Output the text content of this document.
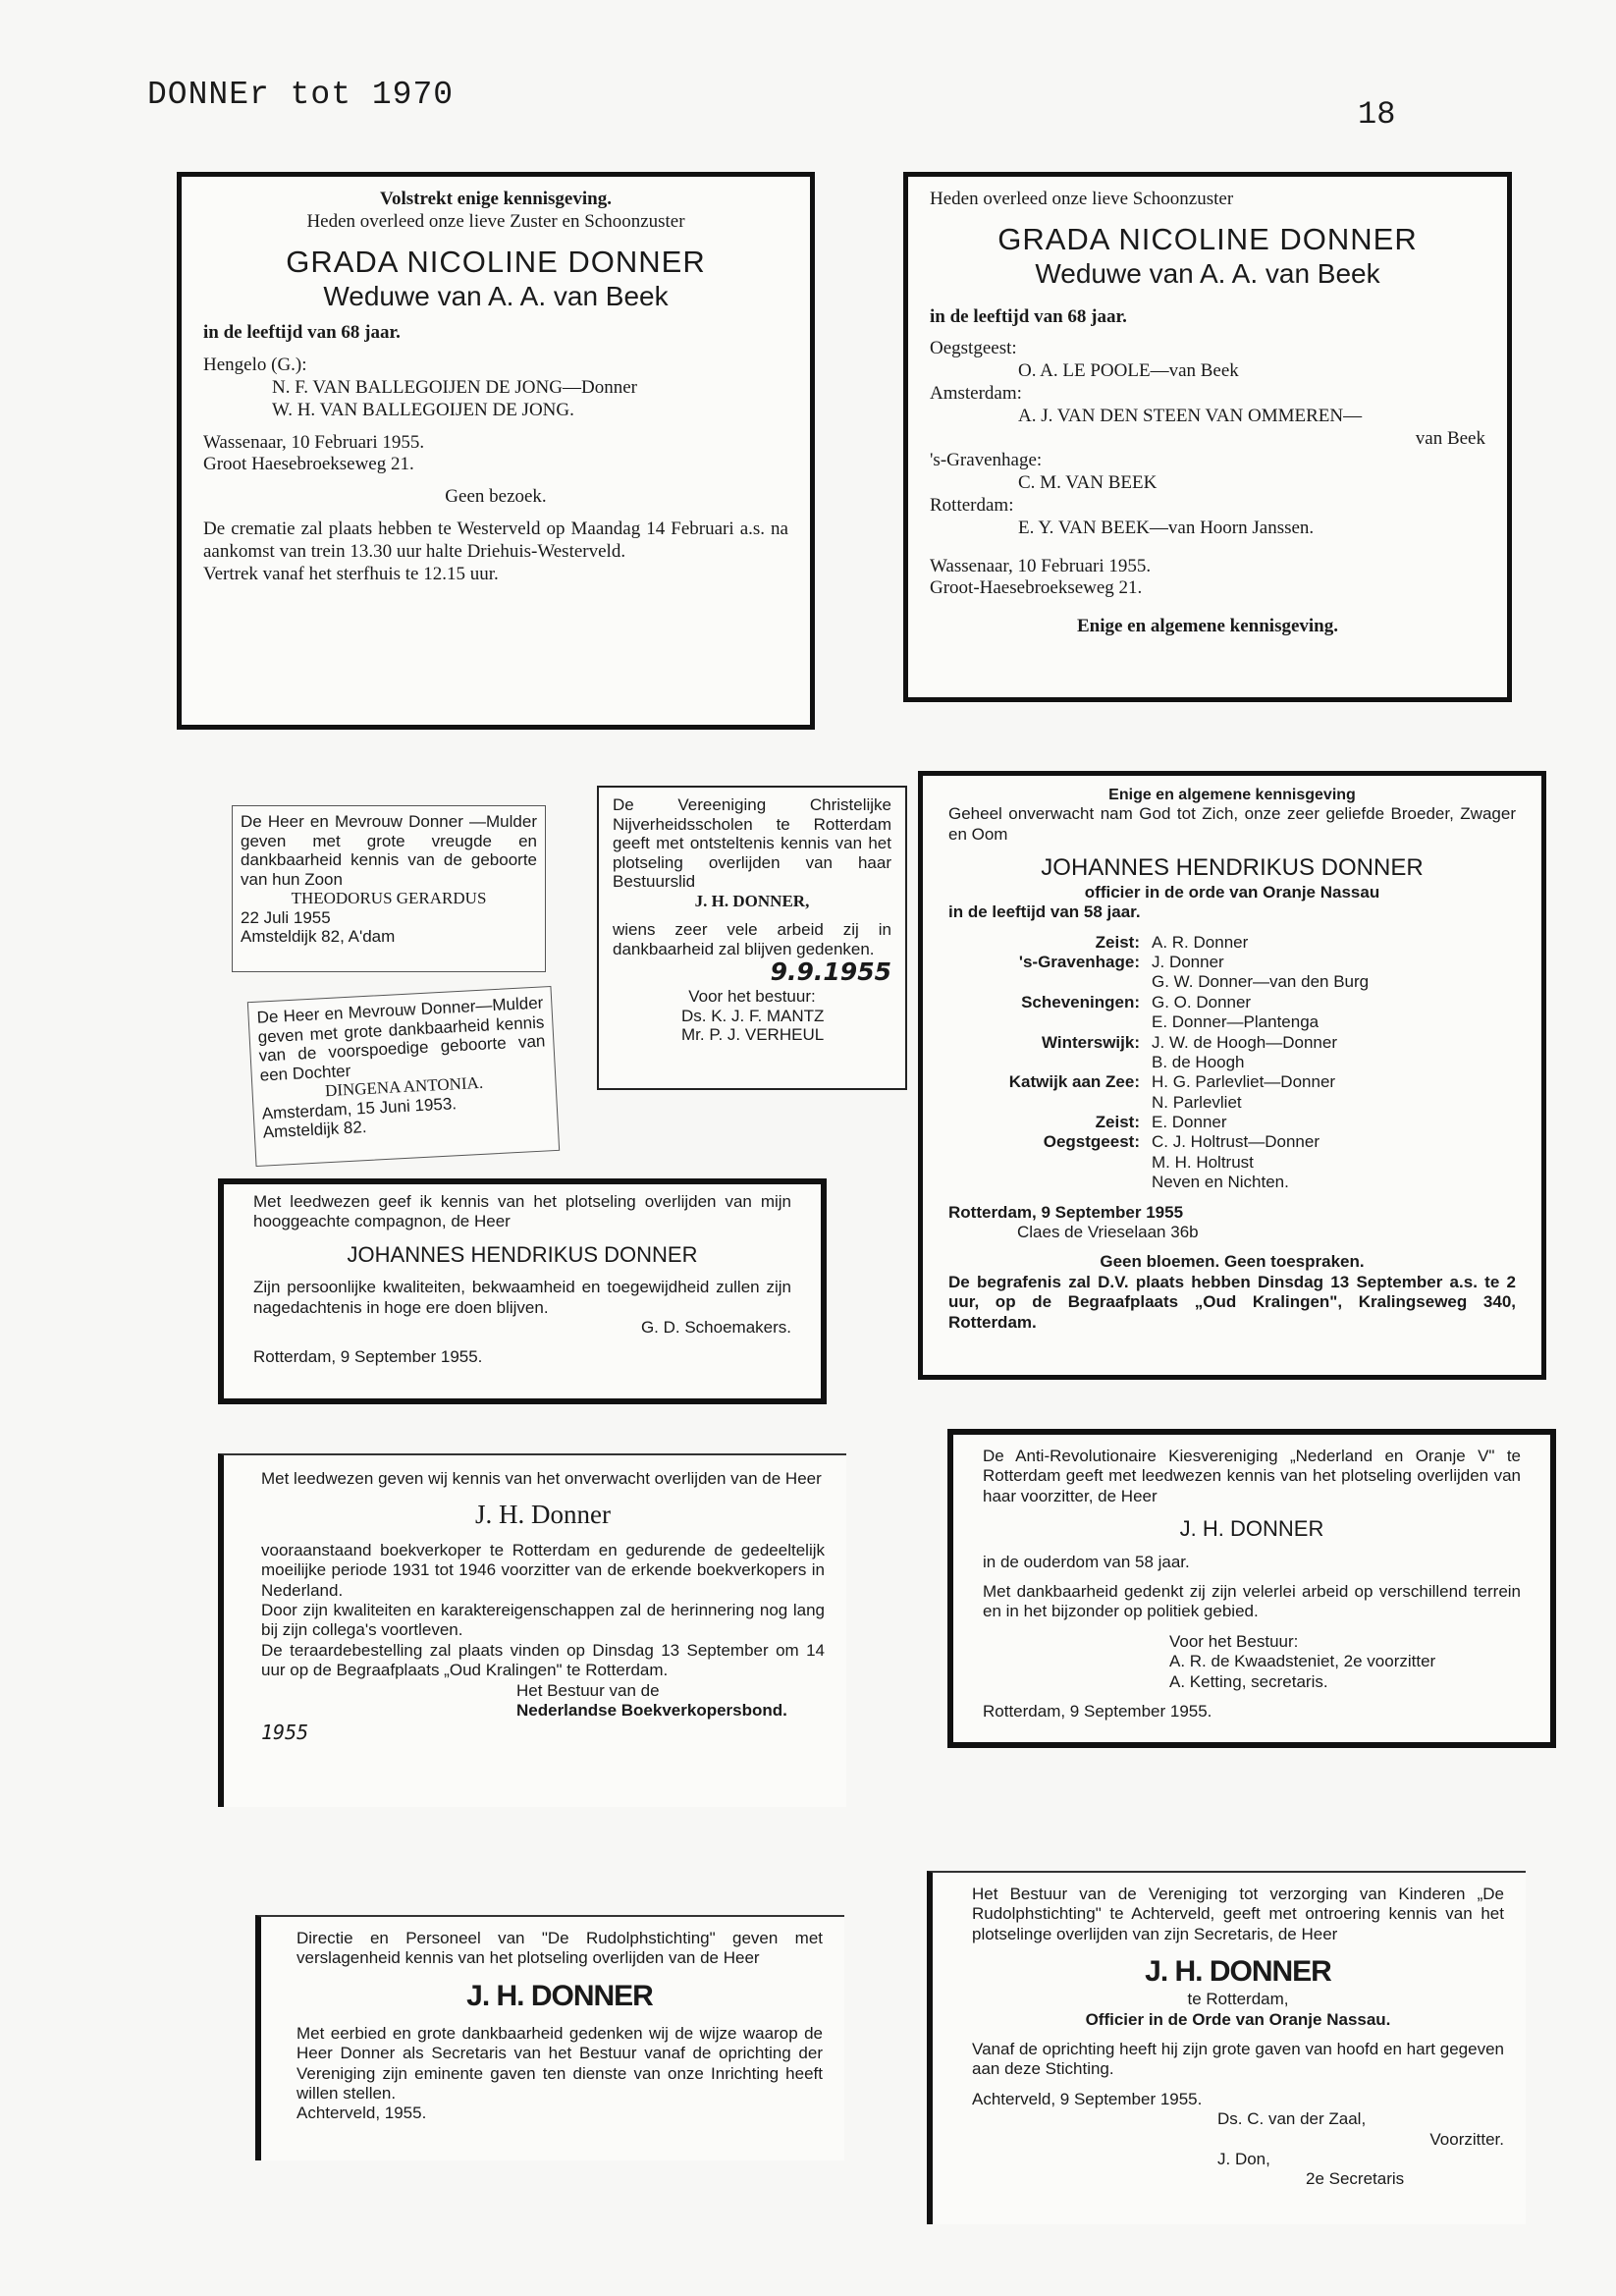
DONNEr tot 1970
18

Volstrekt enige kennisgeving.

Heden overleed onze lieve Zuster en Schoonzuster

GRADA NICOLINE DONNER

Weduwe van A. A. van Beek

in de leeftijd van 68 jaar.

Hengelo (G.):

N. F. VAN BALLEGOIJEN DE JONG—Donner

W. H. VAN BALLEGOIJEN DE JONG.

Wassenaar, 10 Februari 1955.

Groot Haesebroekseweg 21.

Geen bezoek.

De crematie zal plaats hebben te Westerveld op Maandag 14 Februari a.s. na aankomst van trein 13.30 uur halte Driehuis-Westerveld.

Vertrek vanaf het sterfhuis te 12.15 uur.

Heden overleed onze lieve Schoonzuster

GRADA NICOLINE DONNER

Weduwe van A. A. van Beek

in de leeftijd van 68 jaar.

Oegstgeest:

O. A. LE POOLE—van Beek

Amsterdam:

A. J. VAN DEN STEEN VAN OMMEREN—

van Beek

's-Gravenhage:

C. M. VAN BEEK

Rotterdam:

E. Y. VAN BEEK—van Hoorn Janssen.

Wassenaar, 10 Februari 1955.

Groot-Haesebroekseweg 21.

Enige en algemene kennisgeving.

De Heer en Mevrouw Donner —Mulder geven met grote vreugde en dankbaarheid kennis van de geboorte van hun Zoon

THEODORUS GERARDUS

22 Juli 1955

Amsteldijk 82, A'dam

De Heer en Mevrouw Donner—Mulder geven met grote dankbaarheid kennis van de voorspoedige geboorte van een Dochter

DINGENA ANTONIA.

Amsterdam, 15 Juni 1953.

Amsteldijk 82.

De Vereeniging Christelijke Nijverheidsscholen te Rotterdam geeft met ontsteltenis kennis van het plotseling overlijden van haar Bestuurslid

J. H. DONNER,

wiens zeer vele arbeid zij in dankbaarheid zal blijven gedenken.

9.9.1955

Voor het bestuur:

Ds. K. J. F. MANTZ

Mr. P. J. VERHEUL

Enige en algemene kennisgeving

Geheel onverwacht nam God tot Zich, onze zeer geliefde Broeder, Zwager en Oom

JOHANNES HENDRIKUS DONNER

officier in de orde van Oranje Nassau

in de leeftijd van 58 jaar.

Zeist: A. R. Donner
's-Gravenhage: J. Donner
G. W. Donner—van den Burg
Scheveningen: G. O. Donner
E. Donner—Plantenga
Winterswijk: J. W. de Hoogh—Donner
B. de Hoogh
Katwijk aan Zee: H. G. Parlevliet—Donner
N. Parlevliet
Zeist: E. Donner
Oegstgeest: C. J. Holtrust—Donner
M. H. Holtrust
Neven en Nichten.

Rotterdam, 9 September 1955

Claes de Vrieselaan 36b

Geen bloemen. Geen toespraken.

De begrafenis zal D.V. plaats hebben Dinsdag 13 September a.s. te 2 uur, op de Begraafplaats „Oud Kralingen", Kralingseweg 340, Rotterdam.

Met leedwezen geef ik kennis van het plotseling overlijden van mijn hooggeachte compagnon, de Heer

JOHANNES HENDRIKUS DONNER

Zijn persoonlijke kwaliteiten, bekwaamheid en toegewijdheid zullen zijn nagedachtenis in hoge ere doen blijven.

G. D. Schoemakers.

Rotterdam, 9 September 1955.

Met leedwezen geven wij kennis van het onverwacht overlijden van de Heer

J. H. Donner

vooraanstaand boekverkoper te Rotterdam en gedurende de gedeeltelijk moeilijke periode 1931 tot 1946 voorzitter van de erkende boekverkopers in Nederland.

Door zijn kwaliteiten en karaktereigenschappen zal de herinnering nog lang bij zijn collega's voortleven.

De teraardebestelling zal plaats vinden op Dinsdag 13 September om 14 uur op de Begraafplaats „Oud Kralingen" te Rotterdam.

Het Bestuur van de

Nederlandse Boekverkopersbond.

1955

De Anti-Revolutionaire Kiesvereniging „Nederland en Oranje V" te Rotterdam geeft met leedwezen kennis van het plotseling overlijden van haar voorzitter, de Heer

J. H. DONNER

in de ouderdom van 58 jaar.

Met dankbaarheid gedenkt zij zijn velerlei arbeid op verschillend terrein en in het bijzonder op politiek gebied.

Voor het Bestuur:

A. R. de Kwaadsteniet, 2e voorzitter

A. Ketting, secretaris.

Rotterdam, 9 September 1955.

Directie en Personeel van "De Rudolphstichting" geven met verslagenheid kennis van het plotseling overlijden van de Heer

J. H. DONNER

Met eerbied en grote dankbaarheid gedenken wij de wijze waarop de Heer Donner als Secretaris van het Bestuur vanaf de oprichting der Vereniging zijn eminente gaven ten dienste van onze Inrichting heeft willen stellen.

Achterveld, 1955.

Het Bestuur van de Vereniging tot verzorging van Kinderen „De Rudolphstichting" te Achterveld, geeft met ontroering kennis van het plotselinge overlijden van zijn Secretaris, de Heer

J. H. DONNER

te Rotterdam,

Officier in de Orde van Oranje Nassau.

Vanaf de oprichting heeft hij zijn grote gaven van hoofd en hart gegeven aan deze Stichting.

Achterveld, 9 September 1955.

Ds. C. van der Zaal,

Voorzitter.

J. Don,

2e Secretaris
